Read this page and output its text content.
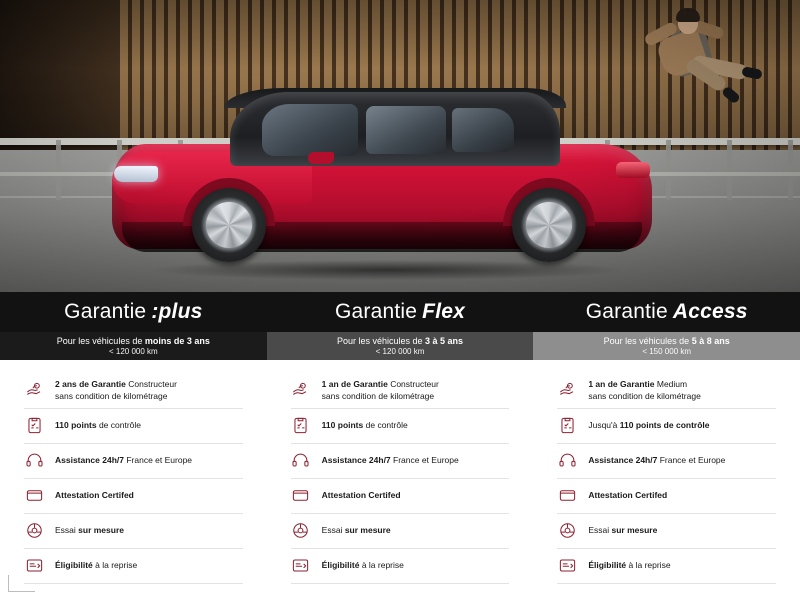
Garantie :plus	Garantie Flex	Garantie Access
Pour les véhicules de moins de 3 ans
< 120 000 km
Pour les véhicules de 3 à 5 ans
< 120 000 km
Pour les véhicules de 5 à 8 ans
< 150 000 km
2 ans de Garantie Constructeur
sans condition de kilométrage
110 points de contrôle
Assistance 24h/7 France et Europe
Attestation Certifed
Essai sur mesure
Éligibilité à la reprise
1 an de Garantie Constructeur
sans condition de kilométrage
110 points de contrôle
Assistance 24h/7 France et Europe
Attestation Certifed
Essai sur mesure
Éligibilité à la reprise
1 an de Garantie Medium
sans condition de kilométrage
Jusqu'à 110 points de contrôle
Assistance 24h/7 France et Europe
Attestation Certifed
Essai sur mesure
Éligibilité à la reprise
